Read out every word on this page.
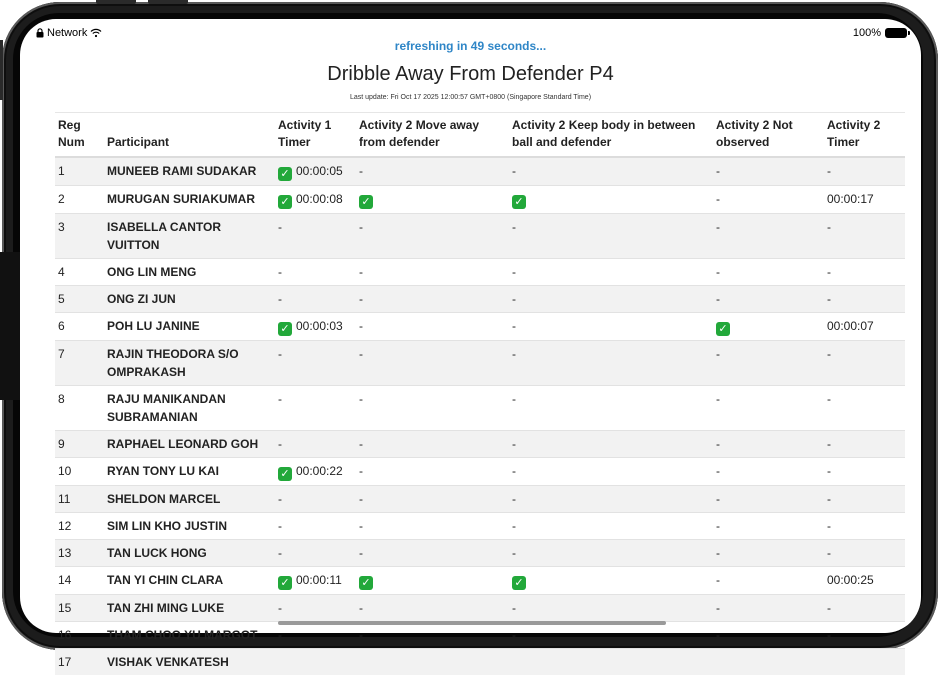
Network	100%
refreshing in 49 seconds...
Dribble Away From Defender P4
Last update: Fri Oct 17 2025 12:00:57 GMT+0800 (Singapore Standard Time)
Reg Num	Participant	Activity 1 Timer	Activity 2 Move away from defender	Activity 2 Keep body in between ball and defender	Activity 2 Not observed	Activity 2 Timer
1	MUNEEB RAMI SUDAKAR	✓ 00:00:05	-	-	-	-
2	MURUGAN SURIAKUMAR	✓ 00:00:08	✓	✓	-	00:00:17
3	ISABELLA CANTOR VUITTON	-	-	-	-	-
4	ONG LIN MENG	-	-	-	-	-
5	ONG ZI JUN	-	-	-	-	-
6	POH LU JANINE	✓ 00:00:03	-	-	✓	00:00:07
7	RAJIN THEODORA S/O OMPRAKASH	-	-	-	-	-
8	RAJU MANIKANDAN SUBRAMANIAN	-	-	-	-	-
9	RAPHAEL LEONARD GOH	-	-	-	-	-
10	RYAN TONY LU KAI	✓ 00:00:22	-	-	-	-
11	SHELDON MARCEL	-	-	-	-	-
12	SIM LIN KHO JUSTIN	-	-	-	-	-
13	TAN LUCK HONG	-	-	-	-	-
14	TAN YI CHIN CLARA	✓ 00:00:11	✓	✓	-	00:00:25
15	TAN ZHI MING LUKE	-	-	-	-	-
16	THAM CHOO YU MARGOT	-	-	-	-	-
17	VISHAK VENKATESH					
